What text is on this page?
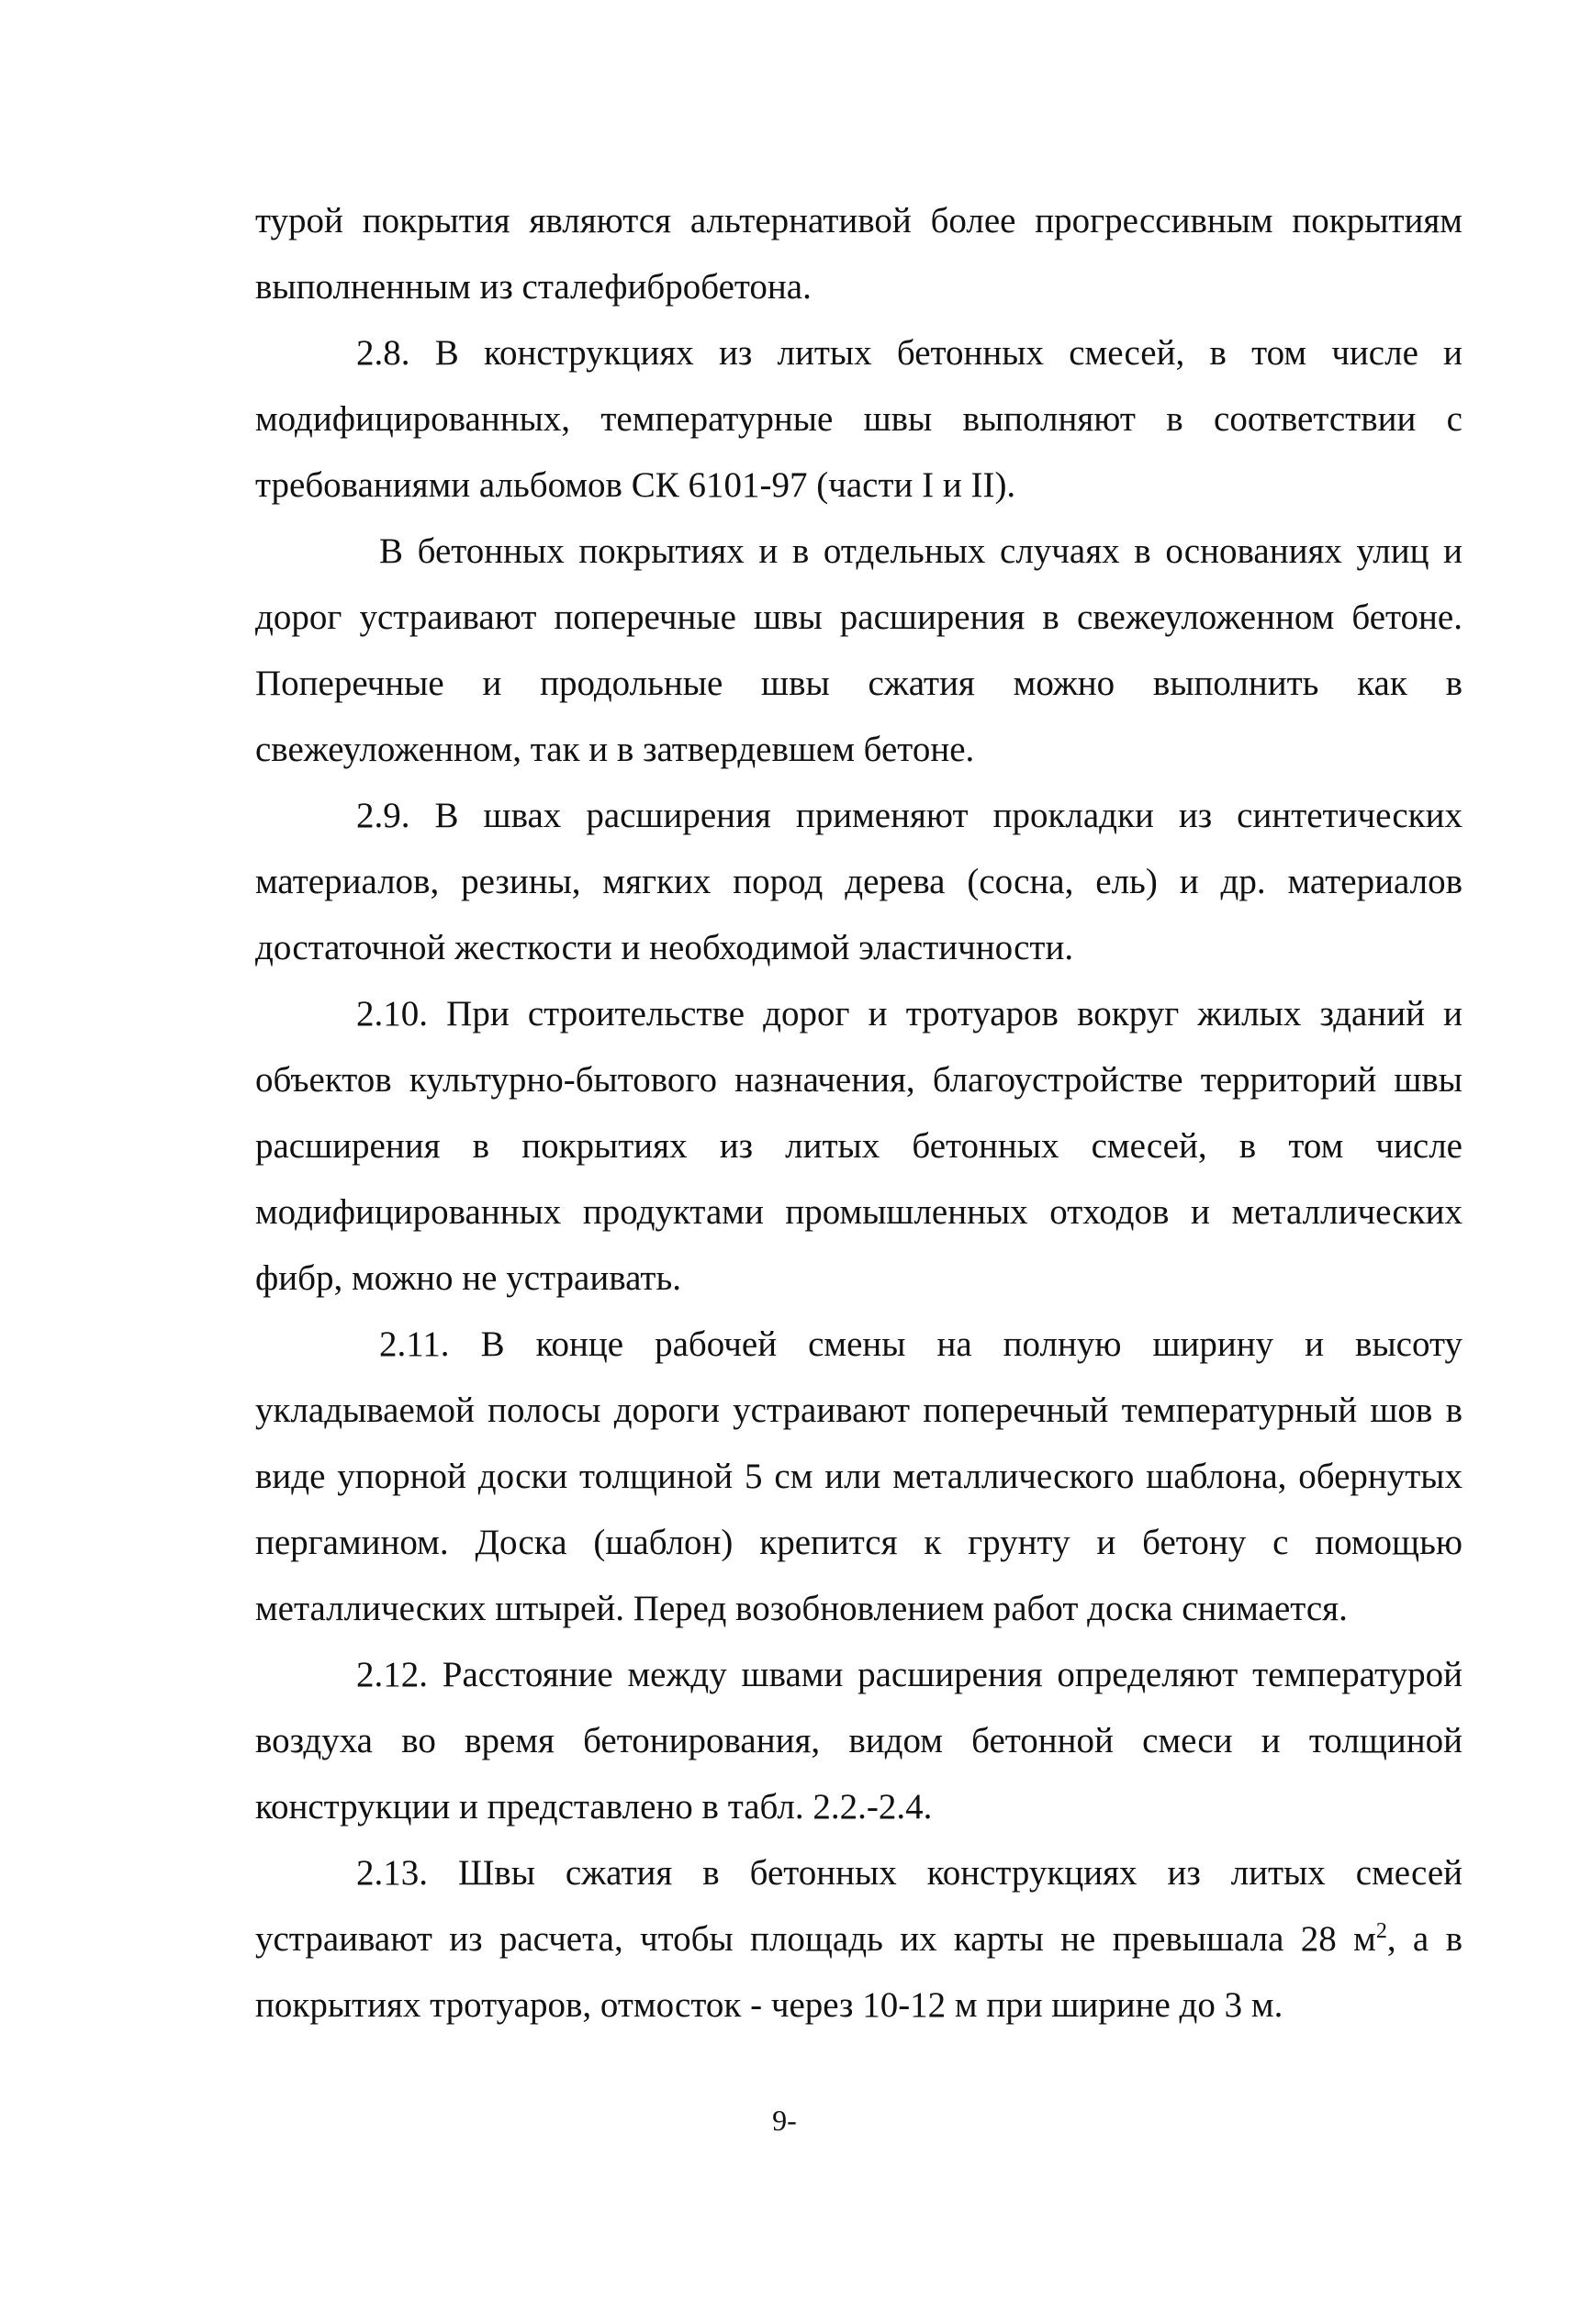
турой покрытия являются альтернативой более прогрессивным покрытиям выполненным из сталефибробетона.

2.8. В конструкциях из литых бетонных смесей, в том числе и модифицированных, температурные швы выполняют в соответствии с требованиями альбомов СК 6101-97 (части I и II).

В бетонных покрытиях и в отдельных случаях в основаниях улиц и дорог устраивают поперечные швы расширения в свежеуложенном бетоне. Поперечные и продольные швы сжатия можно выполнить как в свежеуложенном, так и в затвердевшем бетоне.

2.9. В швах расширения применяют прокладки из синтетических материалов, резины, мягких пород дерева (сосна, ель) и др. материалов достаточной жесткости и необходимой эластичности.

2.10. При строительстве дорог и тротуаров вокруг жилых зданий и объектов культурно-бытового назначения, благоустройстве территорий швы расширения в покрытиях из литых бетонных смесей, в том числе модифицированных продуктами промышленных отходов и металлических фибр, можно не устраивать.

2.11. В конце рабочей смены на полную ширину и высоту укладываемой полосы дороги устраивают поперечный температурный шов в виде упорной доски толщиной 5 см или металлического шаблона, обернутых пергамином. Доска (шаблон) крепится к грунту и бетону с помощью металлических штырей. Перед возобновлением работ доска снимается.

2.12. Расстояние между швами расширения определяют температурой воздуха во время бетонирования, видом бетонной смеси и толщиной конструкции и представлено в табл. 2.2.-2.4.

2.13. Швы сжатия в бетонных конструкциях из литых смесей устраивают из расчета, чтобы площадь их карты не превышала 28 $м^2$, а в покрытиях тротуаров, отмосток - через 10-12 м при ширине до 3 м.

9-
